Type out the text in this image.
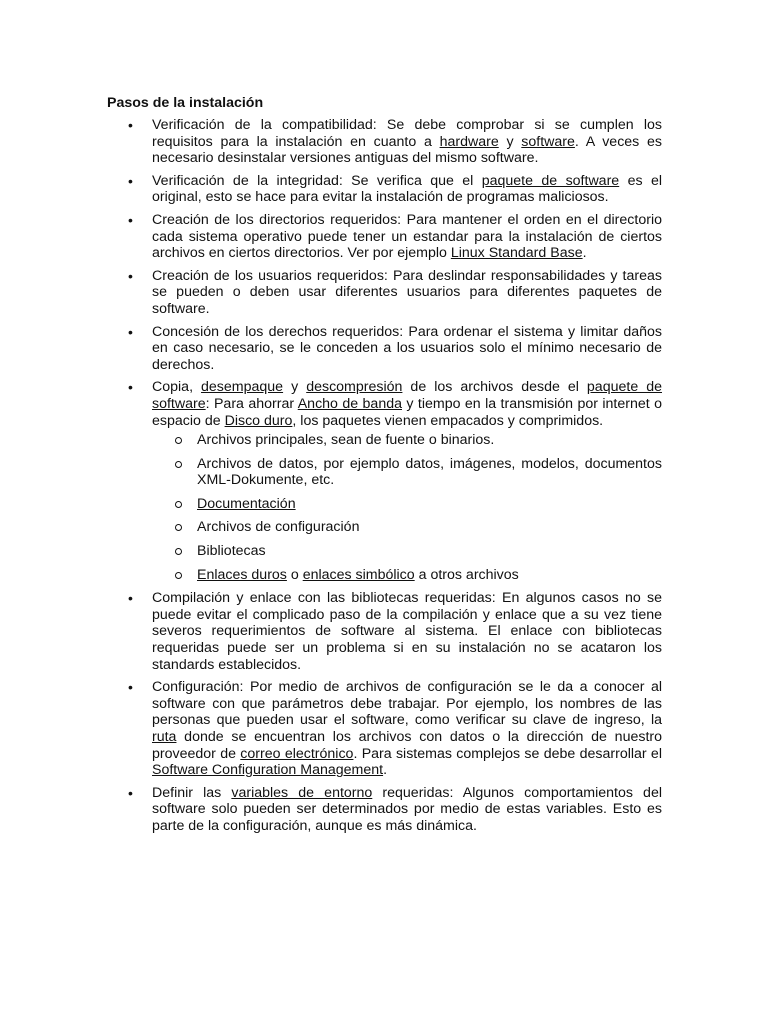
Pasos de la instalación
• Verificación de la compatibilidad: Se debe comprobar si se cumplen los requisitos para la instalación en cuanto a hardware y software. A veces es necesario desinstalar versiones antiguas del mismo software.
• Verificación de la integridad: Se verifica que el paquete de software es el original, esto se hace para evitar la instalación de programas maliciosos.
• Creación de los directorios requeridos: Para mantener el orden en el directorio cada sistema operativo puede tener un estandar para la instalación de ciertos archivos en ciertos directorios. Ver por ejemplo Linux Standard Base.
• Creación de los usuarios requeridos: Para deslindar responsabilidades y tareas se pueden o deben usar diferentes usuarios para diferentes paquetes de software.
• Concesión de los derechos requeridos: Para ordenar el sistema y limitar daños en caso necesario, se le conceden a los usuarios solo el mínimo necesario de derechos.
• Copia, desempaque y descompresión de los archivos desde el paquete de software: Para ahorrar Ancho de banda y tiempo en la transmisión por internet o espacio de Disco duro, los paquetes vienen empacados y comprimidos.
Archivos principales, sean de fuente o binarios.
Archivos de datos, por ejemplo datos, imágenes, modelos, documentos XML-Dokumente, etc.
Documentación
Archivos de configuración
Bibliotecas
Enlaces duros o enlaces simbólico a otros archivos
• Compilación y enlace con las bibliotecas requeridas: En algunos casos no se puede evitar el complicado paso de la compilación y enlace que a su vez tiene severos requerimientos de software al sistema. El enlace con bibliotecas requeridas puede ser un problema si en su instalación no se acataron los standards establecidos.
• Configuración: Por medio de archivos de configuración se le da a conocer al software con que parámetros debe trabajar. Por ejemplo, los nombres de las personas que pueden usar el software, como verificar su clave de ingreso, la ruta donde se encuentran los archivos con datos o la dirección de nuestro proveedor de correo electrónico. Para sistemas complejos se debe desarrollar el Software Configuration Management.
• Definir las variables de entorno requeridas: Algunos comportamientos del software solo pueden ser determinados por medio de estas variables. Esto es parte de la configuración, aunque es más dinámica.
